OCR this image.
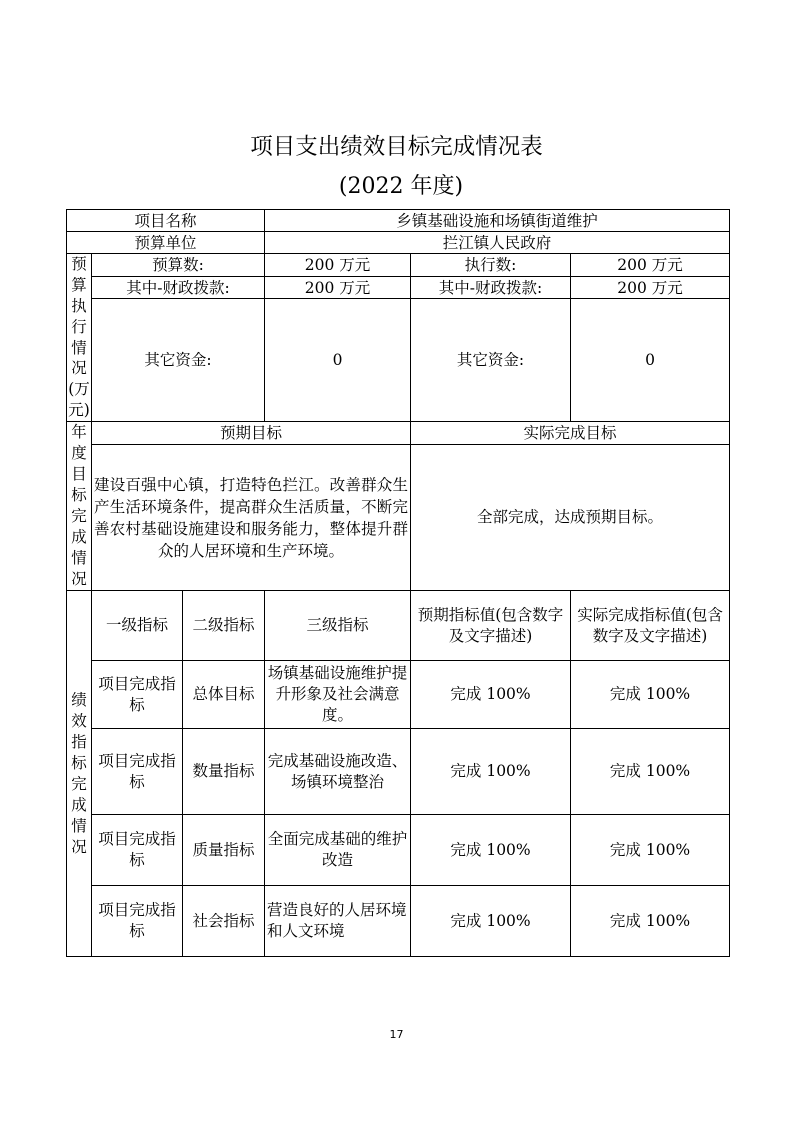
项目支出绩效目标完成情况表
(2022 年度)
项目名称			乡镇基础设施和场镇街道维护		
预算单位			拦江镇人民政府		
预算执行情况(万元)	预算数:		200 万元	执行数:	200 万元
	其中-财政拨款:		200 万元	其中-财政拨款:	200 万元
	其它资金:		0	其它资金:	0
年度目标完成情况	预期目标			实际完成目标	
	建设百强中心镇，打造特色拦江。改善群众生产生活环境条件，提高群众生活质量，不断完善农村基础设施建设和服务能力，整体提升群众的人居环境和生产环境。			全部完成，达成预期目标。	
绩效指标完成情况	一级指标	二级指标	三级指标	预期指标值(包含数字及文字描述)	实际完成指标值(包含数字及文字描述)
	项目完成指标	总体目标	场镇基础设施维护提升形象及社会满意度。	完成 100%	完成 100%
	项目完成指标	数量指标	完成基础设施改造、场镇环境整治	完成 100%	完成 100%
	项目完成指标	质量指标	全面完成基础的维护改造	完成 100%	完成 100%
	项目完成指标	社会指标	营造良好的人居环境和人文环境	完成 100%	完成 100%
17
